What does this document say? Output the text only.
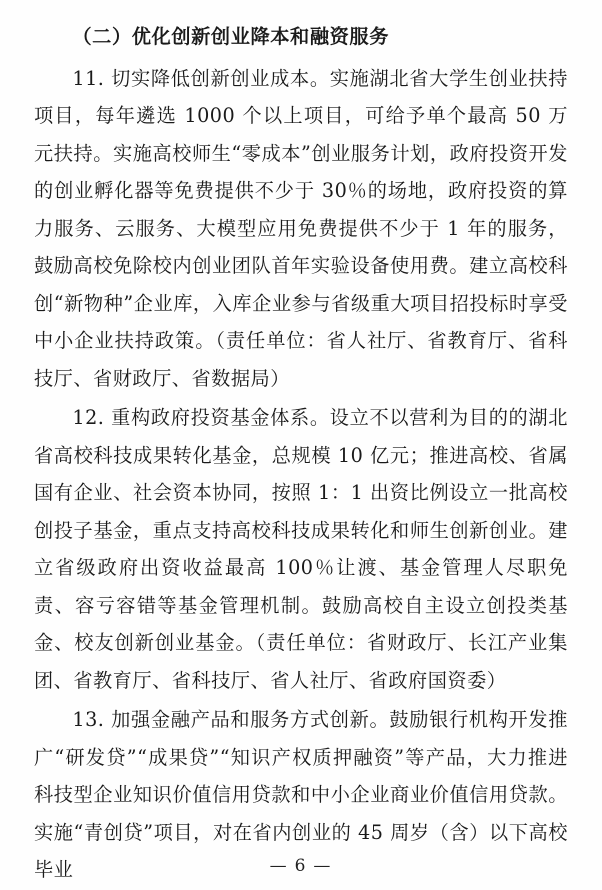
（二）优化创新创业降本和融资服务

11. 切实降低创新创业成本。实施湖北省大学生创业扶持项目，每年遴选 1000 个以上项目，可给予单个最高 50 万元扶持。实施高校师生“零成本”创业服务计划，政府投资开发的创业孵化器等免费提供不少于 30％的场地，政府投资的算力服务、云服务、大模型应用免费提供不少于 1 年的服务，鼓励高校免除校内创业团队首年实验设备使用费。建立高校科创“新物种”企业库，入库企业参与省级重大项目招投标时享受中小企业扶持政策。（责任单位：省人社厅、省教育厅、省科技厅、省财政厅、省数据局）

12. 重构政府投资基金体系。设立不以营利为目的的湖北省高校科技成果转化基金，总规模 10 亿元；推进高校、省属国有企业、社会资本协同，按照 1：1 出资比例设立一批高校创投子基金，重点支持高校科技成果转化和师生创新创业。建立省级政府出资收益最高 100％让渡、基金管理人尽职免责、容亏容错等基金管理机制。鼓励高校自主设立创投类基金、校友创新创业基金。（责任单位：省财政厅、长江产业集团、省教育厅、省科技厅、省人社厅、省政府国资委）

13. 加强金融产品和服务方式创新。鼓励银行机构开发推广“研发贷”“成果贷”“知识产权质押融资”等产品，大力推进科技型企业知识价值信用贷款和中小企业商业价值信用贷款。实施“青创贷”项目，对在省内创业的 45 周岁（含）以下高校毕业	— 6 —
